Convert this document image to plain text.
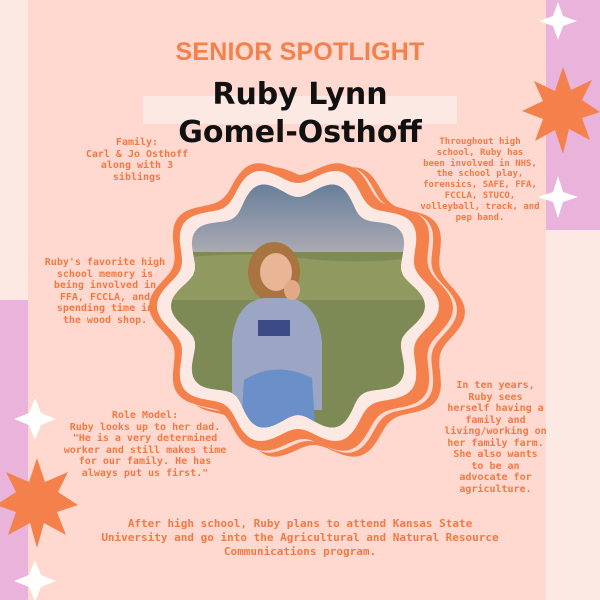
SENIOR SPOTLIGHT
Ruby Lynn
Gomel-Osthoff
Family:
Carl & Jo Osthoff
along with 3
siblings
Throughout high
school, Ruby has
been involved in NHS,
the school play,
forensics, SAFE, FFA,
FCCLA, STUCO,
volleyball, track, and
pep band.
Ruby's favorite high
school memory is
being involved in
FFA, FCCLA, and
spending time in
the wood shop.
Role Model:
Ruby looks up to her dad.
"He is a very determined
worker and still makes time
for our family. He has
always put us first."
In ten years,
Ruby sees
herself having a
family and
living/working on
her family farm.
She also wants
to be an
advocate for
agriculture.
After high school, Ruby plans to attend Kansas State
University and go into the Agricultural and Natural Resource
Communications program.
